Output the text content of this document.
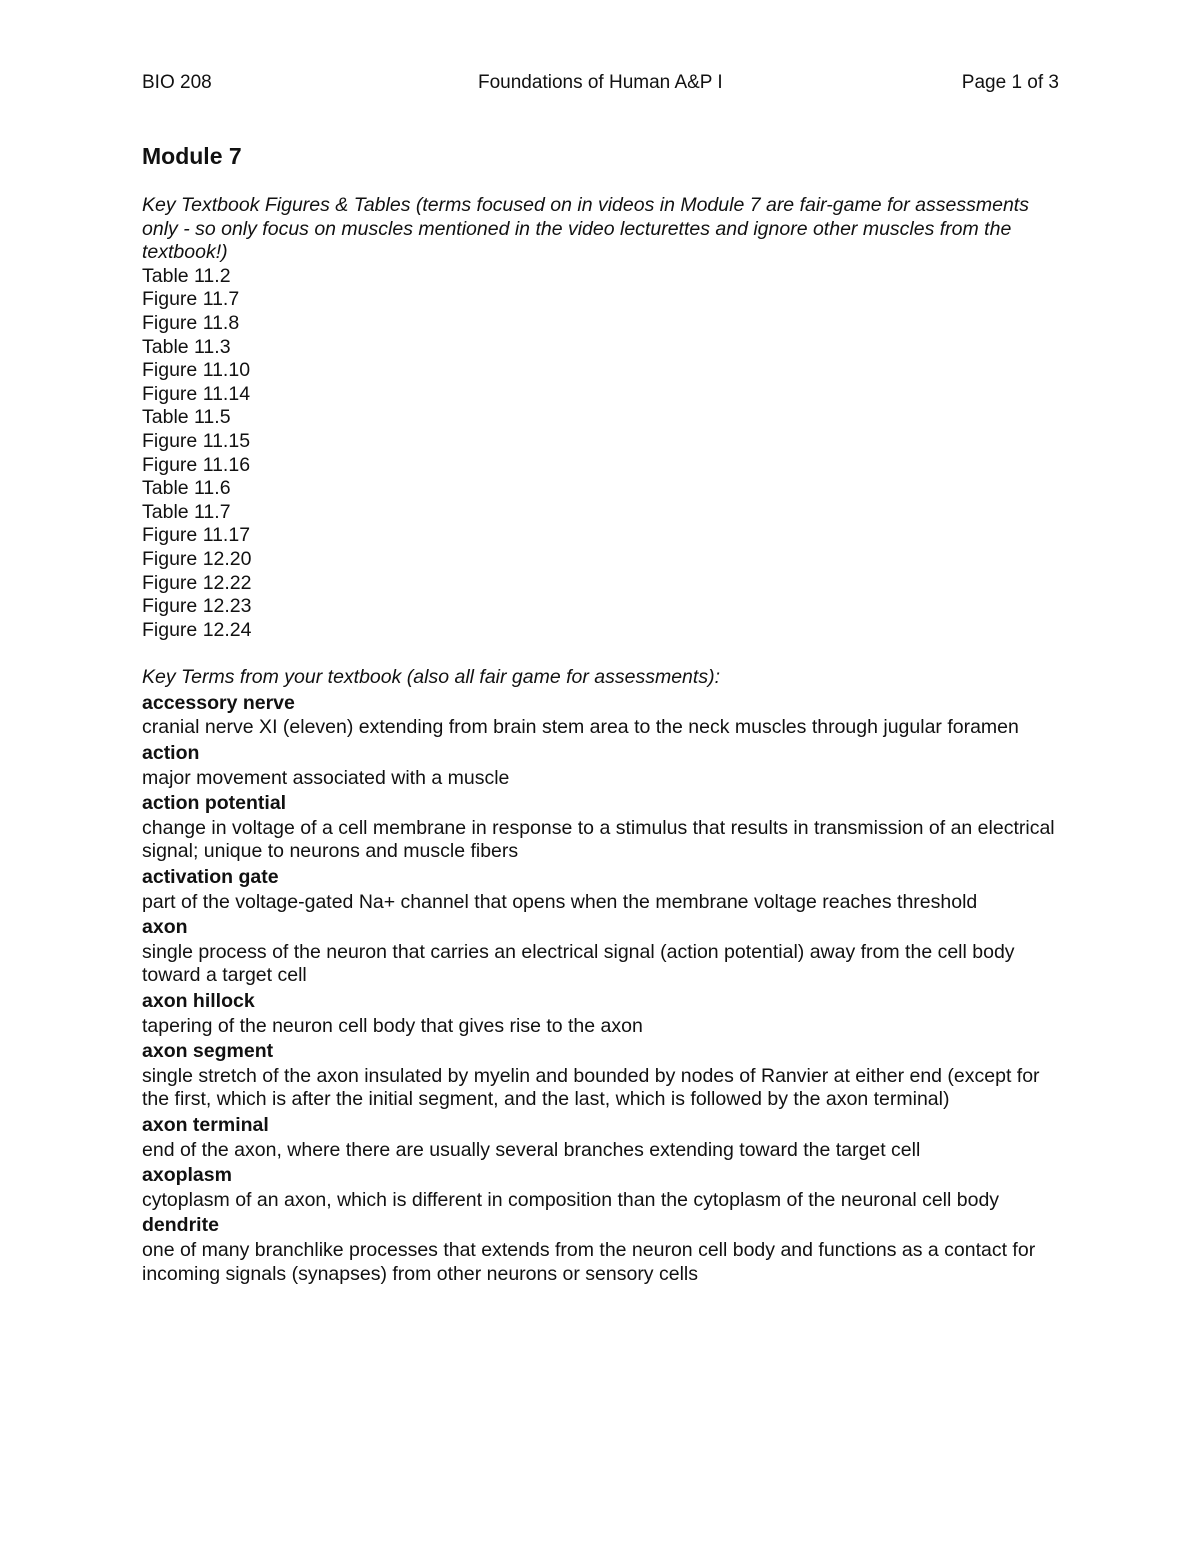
BIO 208	Foundations of Human A&P I	Page 1 of 3
Module 7

Key Textbook Figures & Tables (terms focused on in videos in Module 7 are fair-game for assessments only - so only focus on muscles mentioned in the video lecturettes and ignore other muscles from the textbook!)

Table 11.2
Figure 11.7
Figure 11.8
Table 11.3
Figure 11.10
Figure 11.14
Table 11.5
Figure 11.15
Figure 11.16
Table 11.6
Table 11.7
Figure 11.17
Figure 12.20
Figure 12.22
Figure 12.23
Figure 12.24

Key Terms from your textbook (also all fair game for assessments):

accessory nerve
cranial nerve XI (eleven) extending from brain stem area to the neck muscles through jugular foramen
action
major movement associated with a muscle
action potential
change in voltage of a cell membrane in response to a stimulus that results in transmission of an electrical signal; unique to neurons and muscle fibers
activation gate
part of the voltage-gated Na+ channel that opens when the membrane voltage reaches threshold
axon
single process of the neuron that carries an electrical signal (action potential) away from the cell body toward a target cell
axon hillock
tapering of the neuron cell body that gives rise to the axon
axon segment
single stretch of the axon insulated by myelin and bounded by nodes of Ranvier at either end (except for the first, which is after the initial segment, and the last, which is followed by the axon terminal)
axon terminal
end of the axon, where there are usually several branches extending toward the target cell
axoplasm
cytoplasm of an axon, which is different in composition than the cytoplasm of the neuronal cell body
dendrite
one of many branchlike processes that extends from the neuron cell body and functions as a contact for incoming signals (synapses) from other neurons or sensory cells
